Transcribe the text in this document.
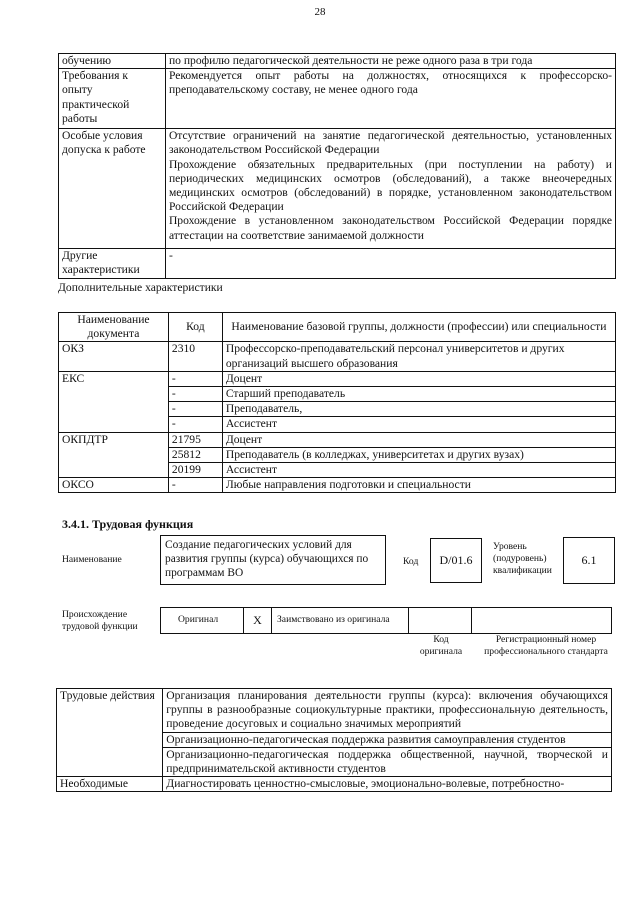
28
обучению	по профилю педагогической деятельности не реже одного раза в три года

Требования к
опыту
практической
работы	Рекомендуется опыт работы на должностях, относящихся к профессорско-преподавательскому составу, не менее одного года

Особые условия
допуска к работе	Отсутствие ограничений на занятие педагогической деятельностью, установленных законодательством Российской Федерации
Прохождение обязательных предварительных (при поступлении на работу) и периодических медицинских осмотров (обследований), а также внеочередных медицинских осмотров (обследований) в порядке, установленном законодательством Российской Федерации
Прохождение в установленном законодательством Российской Федерации порядке аттестации на соответствие занимаемой должности

Другие
характеристики	-
Дополнительные характеристики
Наименование документа	Код	Наименование базовой группы, должности (профессии) или специальности
ОКЗ	2310	Профессорско-преподавательский персонал университетов и других организаций высшего образования
ЕКС	-	Доцент
	-	Старший преподаватель
	-	Преподаватель,
	-	Ассистент
ОКПДТР	21795	Доцент
	25812	Преподаватель (в колледжах, университетах и других вузах)
	20199	Ассистент
ОКСО	-	Любые направления подготовки и специальности
3.4.1. Трудовая функция
Наименование
Создание педагогических условий для развития группы (курса) обучающихся по программам ВО
Код	D/01.6
Уровень (подуровень) квалификации
6.1
Происхождение трудовой функции
Оригинал	X	Заимствовано из оригинала
Код оригинала
Регистрационный номер профессионального стандарта
Трудовые действия	Организация планирования деятельности группы (курса): включения обучающихся группы в разнообразные социокультурные практики, профессиональную деятельность, проведение досуговых и социально значимых мероприятий
	Организационно-педагогическая поддержка развития самоуправления студентов
	Организационно-педагогическая поддержка общественной, научной, творческой и предпринимательской активности студентов
Необходимые	Диагностировать ценностно-смысловые, эмоционально-волевые, потребностно-
